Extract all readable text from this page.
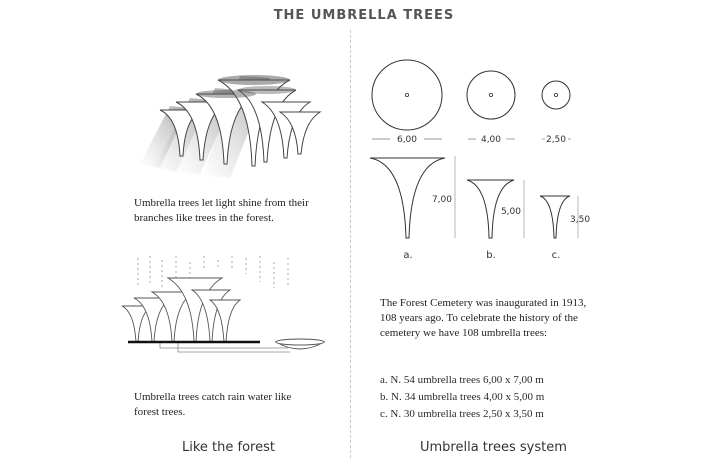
THE UMBRELLA TREES
Umbrella trees let light shine from their branches like trees in the forest.
Umbrella trees catch rain water like forest trees.
Like the forest
6,00	4,00	2,50
7,00
5,00
3,50
a.	b.	c.
The Forest Cemetery was inaugurated in 1913, 108 years ago. To celebrate the history of the cemetery we have 108 umbrella trees:
a. N. 54 umbrella trees 6,00 x 7,00 m
b. N. 34 umbrella trees 4,00 x 5,00 m
c. N. 30 umbrella trees 2,50 x 3,50 m
Umbrella trees system
